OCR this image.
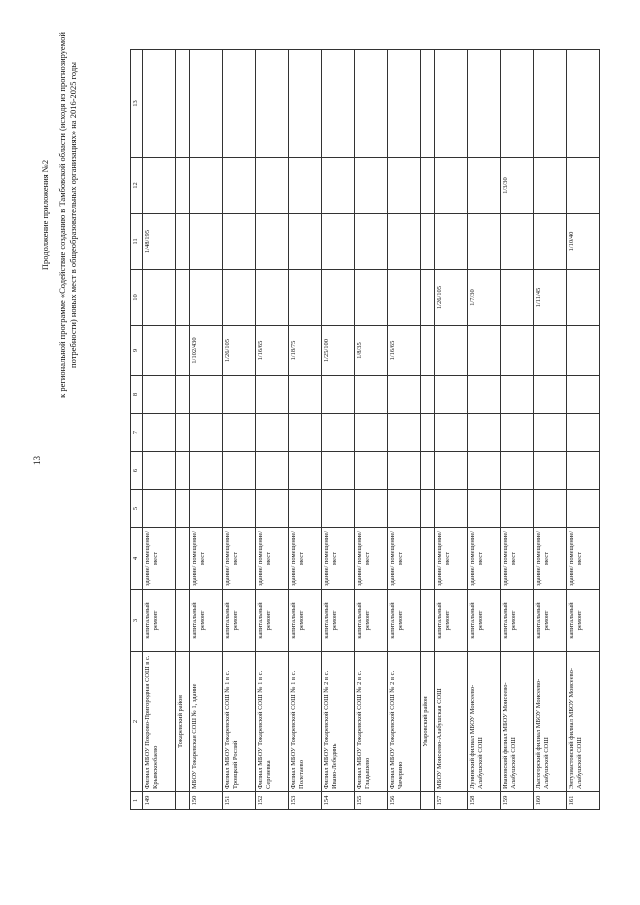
13
Продолжение приложения №2 к региональной программе «Содействие созданию в Тамбовской области (исходя из прогнозируемой потребности) новых мест в общеобразовательных организациях» на 2016-2025 годы
1	2	3	4	5	6	7	8	9	10	11	12	13
149	Филиал МБОУ Покрово-Пригородная СОШ в с. Крымскоебаево	капитальный ремонт	здание/ помещение/ мест							1/48/195		
	Токаревский район											
150	МБОУ Токаревская СОШ № 1, здание	капитальный ремонт	здание/ помещение/ мест					1/102/430				
151	Филиал МБОУ Токаревской СОШ № 1 в с. Троицкий Росляй	капитальный ремонт	здание/ помещение/ мест					1/26/105				
152	Филиал МБОУ Токаревской СОШ № 1 в с. Сергиевка	капитальный ремонт	здание/ помещение/ мест					1/16/65				
153	Филиал МБОУ Токаревской СОШ № 1 в с. Полетаево	капитальный ремонт	здание/ помещение/ мест					1/18/75				
154	Филиал МБОУ Токаревской СОШ № 2 в с. Ивано-Лебедянь	капитальный ремонт	здание/ помещение/ мест					1/25/100				
155	Филиал МБОУ Токаревской СОШ № 2 в с. Гладышево	капитальный ремонт	здание/ помещение/ мест					1/8/35				
156	Филиал МБОУ Токаревской СОШ № 2 в с. Чичерино	капитальный ремонт	здание/ помещение/ мест					1/16/65				
	Уваровский район											
157	МБОУ Моисеево-Алабушская СОШ	капитальный ремонт	здание/ помещение/ мест						1/26/105			
158	Лунинский филиал МБОУ Моисеево-Алабушской СОШ	капитальный ремонт	здание/ помещение/ мест						1/7/30			
159	Ивановский филиал МБОУ Моисеево-Алабушской СОШ	капитальный ремонт	здание/ помещение/ мест								1/3/30	
160	Лысогорский филиал МБОУ Моисеево-Алабушской СОШ	капитальный ремонт	здание/ помещение/ мест						1/11/45			
161	Энтузиастовский филиал МБОУ Моисеево-Алабушской СОШ	капитальный ремонт	здание/ помещение/ мест							1/10/40		
